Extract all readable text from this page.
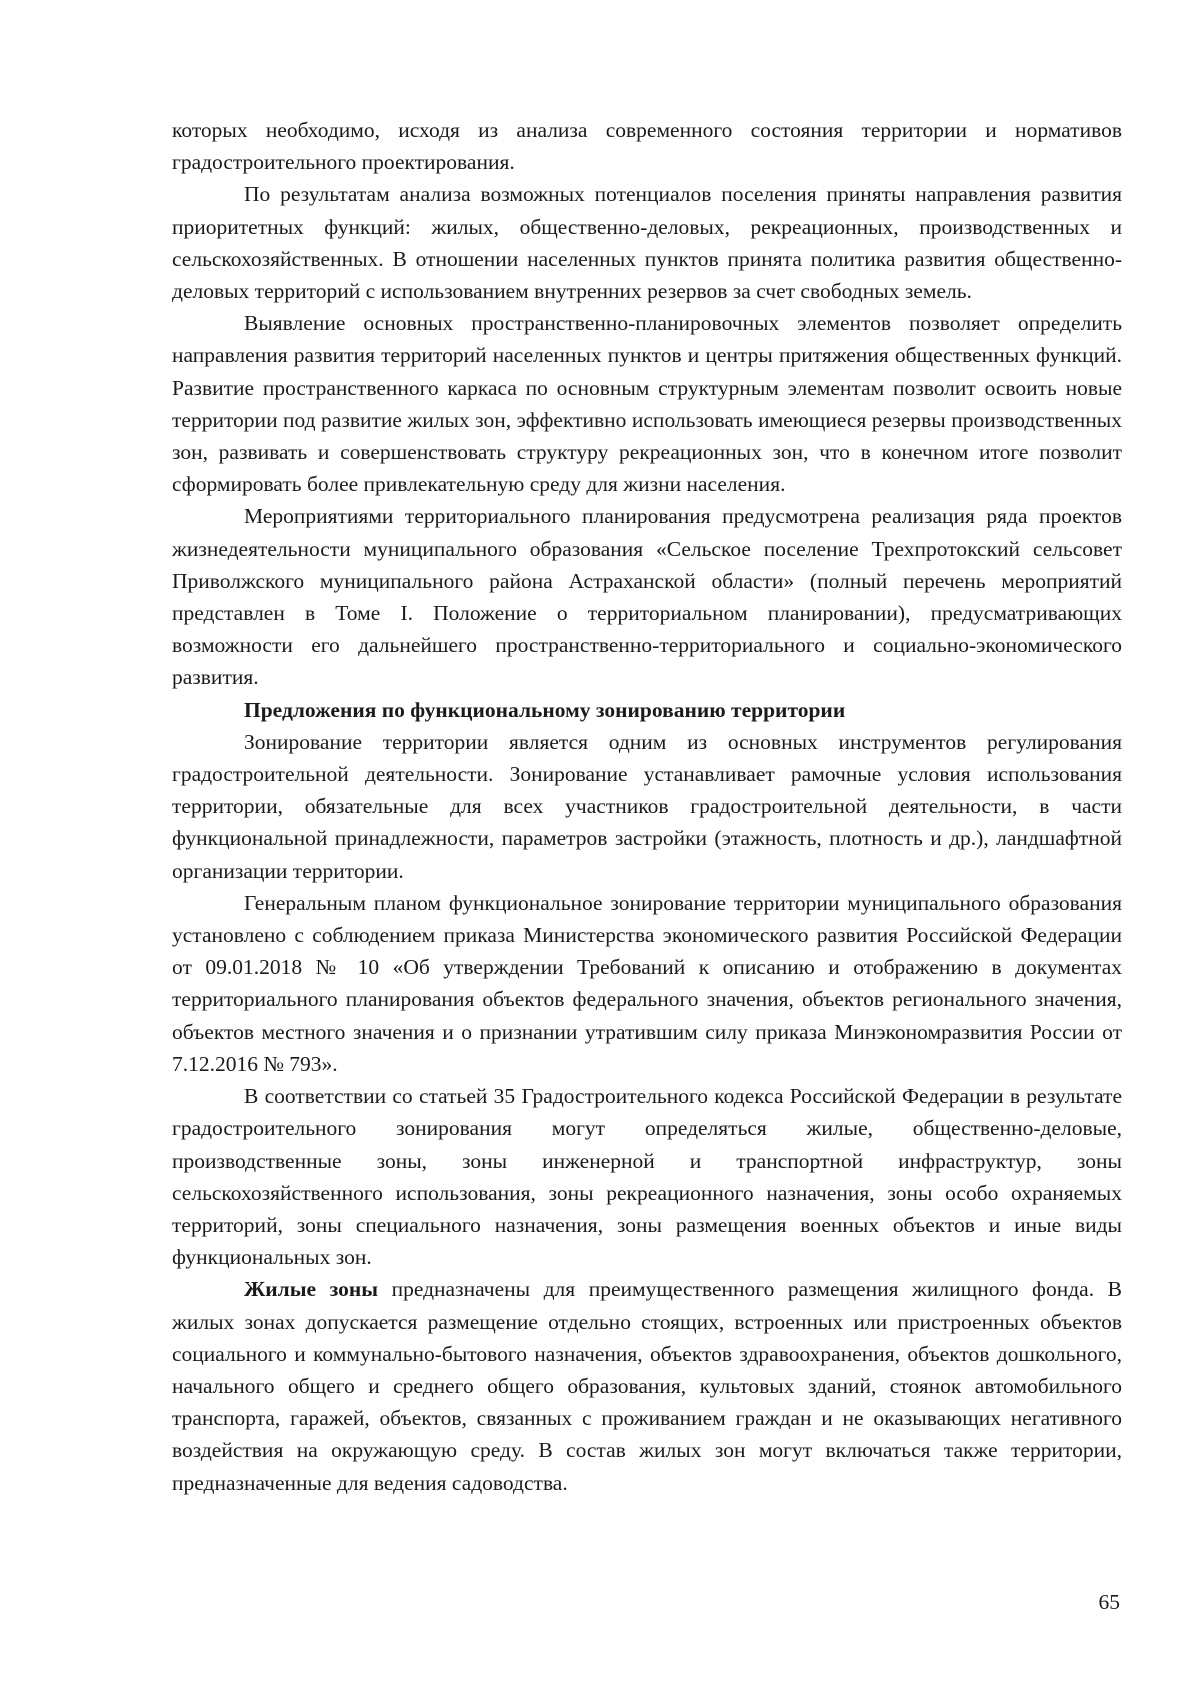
которых необходимо, исходя из анализа современного состояния территории и нормативов градостроительного проектирования.

По результатам анализа возможных потенциалов поселения приняты направления развития приоритетных функций: жилых, общественно-деловых, рекреационных, производственных и сельскохозяйственных. В отношении населенных пунктов принята политика развития общественно-деловых территорий с использованием внутренних резервов за счет свободных земель.

Выявление основных пространственно-планировочных элементов позволяет определить направления развития территорий населенных пунктов и центры притяжения общественных функций. Развитие пространственного каркаса по основным структурным элементам позволит освоить новые территории под развитие жилых зон, эффективно использовать имеющиеся резервы производственных зон, развивать и совершенствовать структуру рекреационных зон, что в конечном итоге позволит сформировать более привлекательную среду для жизни населения.

Мероприятиями территориального планирования предусмотрена реализация ряда проектов жизнедеятельности муниципального образования «Сельское поселение Трехпротокский сельсовет Приволжского муниципального района Астраханской области» (полный перечень мероприятий представлен в Томе I. Положение о территориальном планировании), предусматривающих возможности его дальнейшего пространственно-территориального и социально-экономического развития.

Предложения по функциональному зонированию территории

Зонирование территории является одним из основных инструментов регулирования градостроительной деятельности. Зонирование устанавливает рамочные условия использования территории, обязательные для всех участников градостроительной деятельности, в части функциональной принадлежности, параметров застройки (этажность, плотность и др.), ландшафтной организации территории.

Генеральным планом функциональное зонирование территории муниципального образования установлено с соблюдением приказа Министерства экономического развития Российской Федерации от 09.01.2018 № 10 «Об утверждении Требований к описанию и отображению в документах территориального планирования объектов федерального значения, объектов регионального значения, объектов местного значения и о признании утратившим силу приказа Минэкономразвития России от 7.12.2016 № 793».

В соответствии со статьей 35 Градостроительного кодекса Российской Федерации в результате градостроительного зонирования могут определяться жилые, общественно-деловые, производственные зоны, зоны инженерной и транспортной инфраструктур, зоны сельскохозяйственного использования, зоны рекреационного назначения, зоны особо охраняемых территорий, зоны специального назначения, зоны размещения военных объектов и иные виды функциональных зон.

Жилые зоны предназначены для преимущественного размещения жилищного фонда. В жилых зонах допускается размещение отдельно стоящих, встроенных или пристроенных объектов социального и коммунально-бытового назначения, объектов здравоохранения, объектов дошкольного, начального общего и среднего общего образования, культовых зданий, стоянок автомобильного транспорта, гаражей, объектов, связанных с проживанием граждан и не оказывающих негативного воздействия на окружающую среду. В состав жилых зон могут включаться также территории, предназначенные для ведения садоводства.

65
